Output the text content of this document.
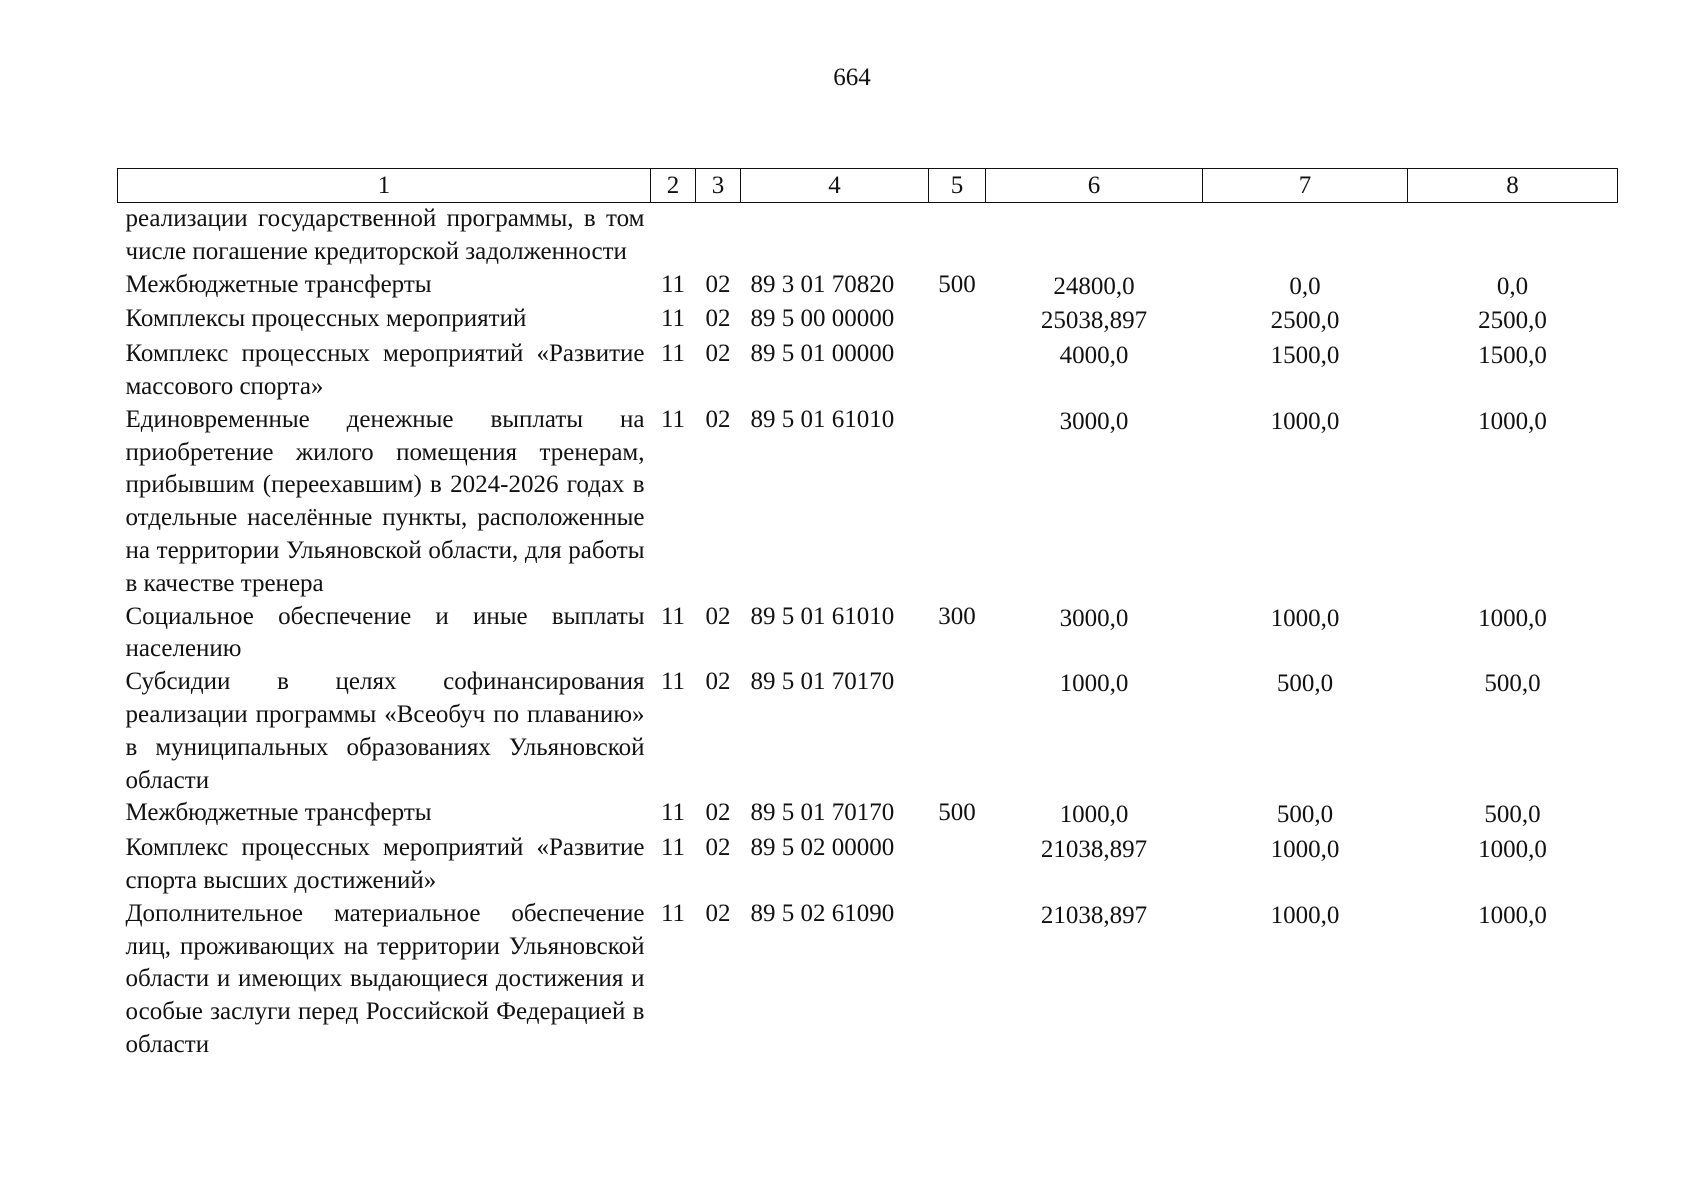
664
1	2	3	4	5	6	7	8
реализации государственной программы, в том числе погашение кредиторской задолженности							
Межбюджетные трансферты	11	02	89 3 01 70820	500	24800,0	0,0	0,0
Комплексы процессных мероприятий	11	02	89 5 00 00000		25038,897	2500,0	2500,0
Комплекс процессных мероприятий «Развитие массового спорта»	11	02	89 5 01 00000		4000,0	1500,0	1500,0
Единовременные денежные выплаты на приобретение жилого помещения тренерам, прибывшим (переехавшим) в 2024-2026 годах в отдельные населённые пункты, расположенные на территории Ульяновской области, для работы в качестве тренера	11	02	89 5 01 61010		3000,0	1000,0	1000,0
Социальное обеспечение и иные выплаты населению	11	02	89 5 01 61010	300	3000,0	1000,0	1000,0
Субсидии в целях софинансирования реализации программы «Всеобуч по плаванию» в муниципальных образованиях Ульяновской области	11	02	89 5 01 70170		1000,0	500,0	500,0
Межбюджетные трансферты	11	02	89 5 01 70170	500	1000,0	500,0	500,0
Комплекс процессных мероприятий «Развитие спорта высших достижений»	11	02	89 5 02 00000		21038,897	1000,0	1000,0
Дополнительное материальное обеспечение лиц, проживающих на территории Ульяновской области и имеющих выдающиеся достижения и особые заслуги перед Российской Федерацией в области	11	02	89 5 02 61090		21038,897	1000,0	1000,0
